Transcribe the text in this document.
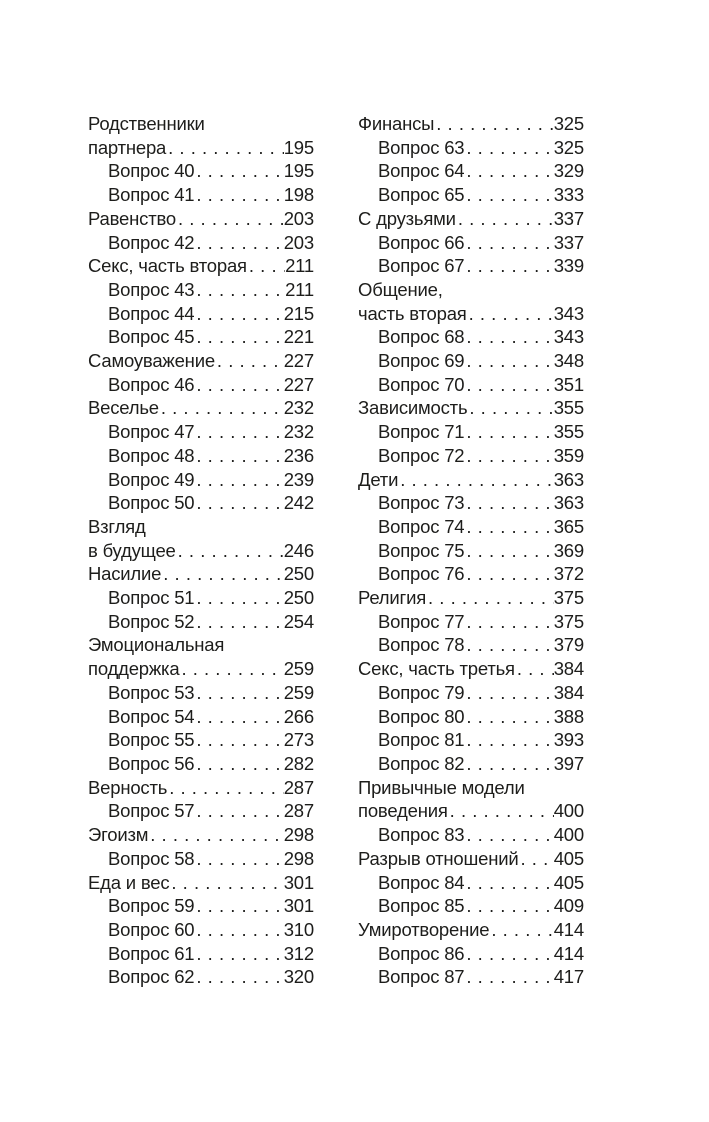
Родственники
партнера . . .	195
Вопрос 40 . . .	195
Вопрос 41 . . .	198
Равенство . . .	203
Вопрос 42 . . .	203
Секс, часть вторая . . . 211
Вопрос 43 . . .	211
Вопрос 44 . . .	215
Вопрос 45 . . .	221
Самоуважение . . .	227
Вопрос 46 . . .	227
Веселье . . .	232
Вопрос 47 . . .	232
Вопрос 48 . . .	236
Вопрос 49 . . .	239
Вопрос 50 . . .	242
Взгляд
в будущее . . .	246
Насилие . . .	250
Вопрос 51 . . .	250
Вопрос 52 . . .	254
Эмоциональная
поддержка . . .	259
Вопрос 53 . . .	259
Вопрос 54 . . .	266
Вопрос 55 . . .	273
Вопрос 56 . . .	282
Верность . . .	287
Вопрос 57 . . .	287
Эгоизм . . .	298
Вопрос 58 . . .	298
Еда и вес . . .	301
Вопрос 59 . . .	301
Вопрос 60 . . .	310
Вопрос 61 . . .	312
Вопрос 62 . . .	320
Финансы . . .	325
Вопрос 63 . . .	325
Вопрос 64 . . .	329
Вопрос 65 . . .	333
С друзьями . . .	337
Вопрос 66 . . .	337
Вопрос 67 . . .	339
Общение,
часть вторая . . .	343
Вопрос 68 . . .	343
Вопрос 69 . . .	348
Вопрос 70 . . .	351
Зависимость . . .	355
Вопрос 71 . . .	355
Вопрос 72 . . .	359
Дети . . .	363
Вопрос 73 . . .	363
Вопрос 74 . . .	365
Вопрос 75 . . .	369
Вопрос 76 . . .	372
Религия . . .	375
Вопрос 77 . . .	375
Вопрос 78 . . .	379
Секс, часть третья . . . 384
Вопрос 79 . . .	384
Вопрос 80 . . .	388
Вопрос 81 . . .	393
Вопрос 82 . . .	397
Привычные модели
поведения . . .	400
Вопрос 83 . . .	400
Разрыв отношений . . . 405
Вопрос 84 . . .	405
Вопрос 85 . . .	409
Умиротворение . . .	414
Вопрос 86 . . .	414
Вопрос 87 . . .	417
